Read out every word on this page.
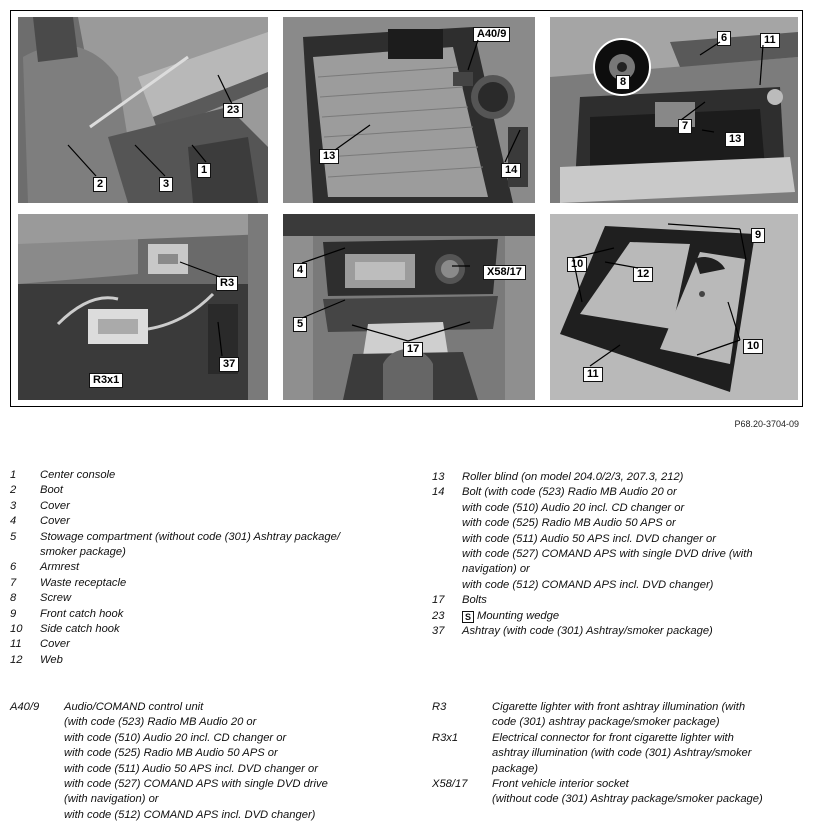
23
2	3
1
A40/9
13
14
6	11
8
7
13
R3
37
R3x1
4	X58/17
5
17
9
10
12
10
11
P68.20-3704-09
1	Center console
2	Boot
3	Cover
4	Cover
5	Stowage compartment (without code (301) Ashtray package/
smoker package)
6	Armrest
7	Waste receptacle
8	Screw
9	Front catch hook
10	Side catch hook
11	Cover
12	Web
13	Roller blind (on model 204.0/2/3, 207.3, 212)
14	Bolt (with code (523) Radio MB Audio 20 or
with code (510) Audio 20 incl. CD changer or
with code (525) Radio MB Audio 50 APS or
with code (511) Audio 50 APS incl. DVD changer or
with code (527) COMAND APS with single DVD drive (with
navigation) or
with code (512) COMAND APS incl. DVD changer)
17	Bolts
23	S Mounting wedge
37	Ashtray (with code (301) Ashtray/smoker package)
A40/9	Audio/COMAND control unit
(with code (523) Radio MB Audio 20 or
with code (510) Audio 20 incl. CD changer or
with code (525) Radio MB Audio 50 APS or
with code (511) Audio 50 APS incl. DVD changer or
with code (527) COMAND APS with single DVD drive
(with navigation) or
with code (512) COMAND APS incl. DVD changer)
R3	Cigarette lighter with front ashtray illumination (with
code (301) ashtray package/smoker package)
R3x1	Electrical connector for front cigarette lighter with
ashtray illumination (with code (301) Ashtray/smoker
package)
X58/17	Front vehicle interior socket
(without code (301) Ashtray package/smoker package)
